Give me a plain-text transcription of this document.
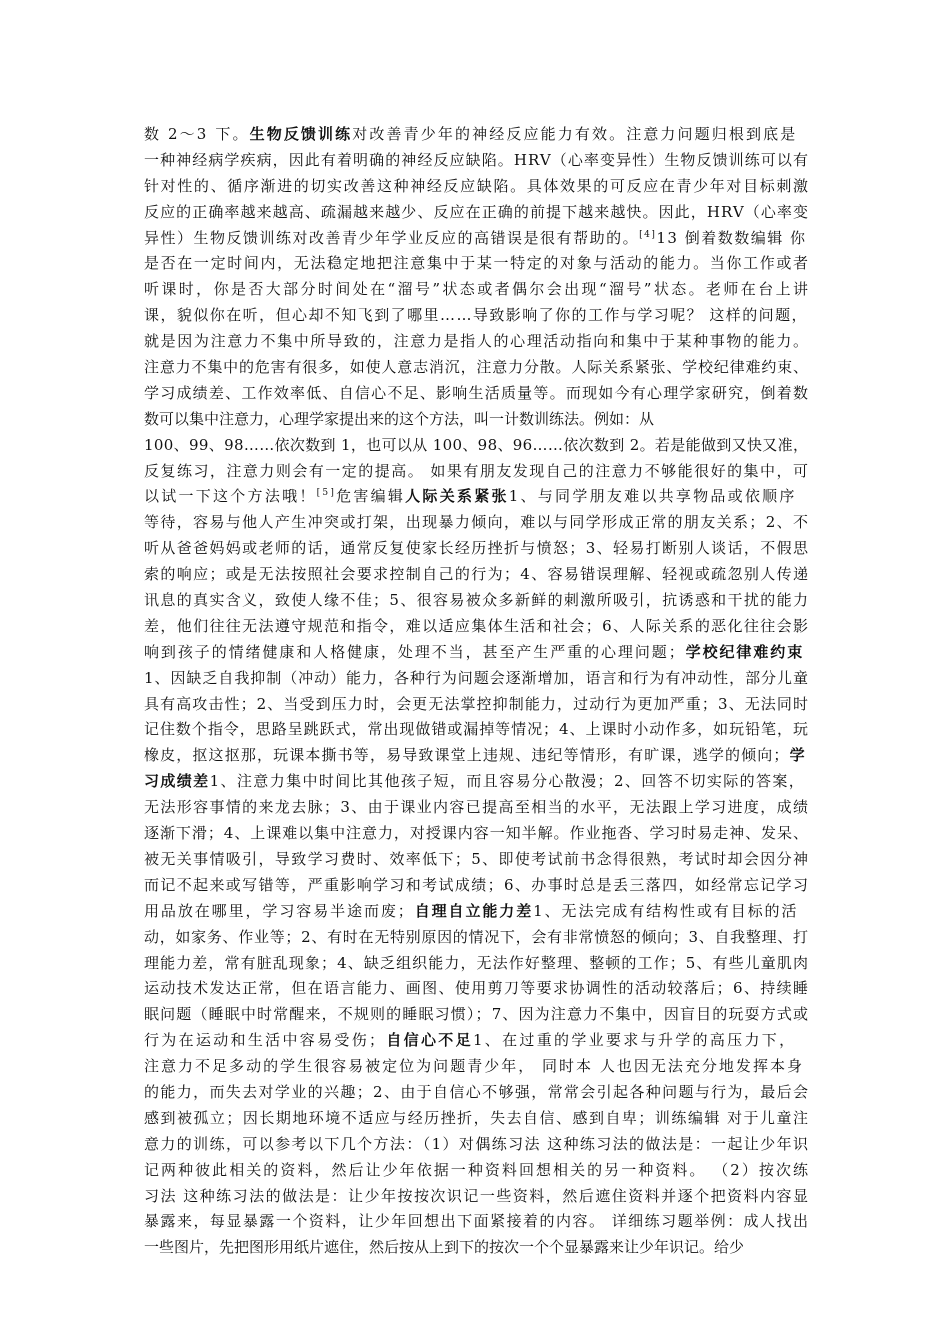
数 2～3 下。生物反馈训练对改善青少年的神经反应能力有效。注意力问题归根到底是
一种神经病学疾病，因此有着明确的神经反应缺陷。HRV（心率变异性）生物反馈训练可以有
针对性的、循序渐进的切实改善这种神经反应缺陷。具体效果的可反应在青少年对目标刺激
反应的正确率越来越高、疏漏越来越少、反应在正确的前提下越来越快。因此，HRV（心率变
异性）生物反馈训练对改善青少年学业反应的高错误是很有帮助的。[4]13 倒着数数编辑 你
是否在一定时间内，无法稳定地把注意集中于某一特定的对象与活动的能力。当你工作或者
听课时，你是否大部分时间处在“溜号”状态或者偶尔会出现“溜号”状态。老师在台上讲
课，貌似你在听，但心却不知飞到了哪里……导致影响了你的工作与学习呢？ 这样的问题，
就是因为注意力不集中所导致的，注意力是指人的心理活动指向和集中于某种事物的能力。
注意力不集中的危害有很多，如使人意志消沉，注意力分散。人际关系紧张、学校纪律难约束、
学习成绩差、工作效率低、自信心不足、影响生活质量等。而现如今有心理学家研究，倒着数
数可以集中注意力，心理学家提出来的这个方法，叫一计数训练法。例如：从
100、99、98……依次数到 1，也可以从 100、98、96……依次数到 2。若是能做到又快又准，
反复练习，注意力则会有一定的提高。 如果有朋友发现自己的注意力不够能很好的集中，可
以试一下这个方法哦！[5]危害编辑人际关系紧张1、与同学朋友难以共享物品或依顺序
等待，容易与他人产生冲突或打架，出现暴力倾向，难以与同学形成正常的朋友关系；2、不
听从爸爸妈妈或老师的话，通常反复使家长经历挫折与愤怒；3、轻易打断别人谈话，不假思
索的响应；或是无法按照社会要求控制自己的行为；4、容易错误理解、轻视或疏忽别人传递
讯息的真实含义，致使人缘不佳；5、很容易被众多新鲜的刺激所吸引，抗诱惑和干扰的能力
差，他们往往无法遵守规范和指令，难以适应集体生活和社会；6、人际关系的恶化往往会影
响到孩子的情绪健康和人格健康，处理不当，甚至产生严重的心理问题；学校纪律难约束
1、因缺乏自我抑制（冲动）能力，各种行为问题会逐渐增加，语言和行为有冲动性，部分儿童
具有高攻击性；2、当受到压力时，会更无法掌控抑制能力，过动行为更加严重；3、无法同时
记住数个指令，思路呈跳跃式，常出现做错或漏掉等情况；4、上课时小动作多，如玩铅笔，玩
橡皮，抠这抠那，玩课本撕书等，易导致课堂上违规、违纪等情形，有旷课，逃学的倾向；学
习成绩差1、注意力集中时间比其他孩子短，而且容易分心散漫；2、回答不切实际的答案，
无法形容事情的来龙去脉；3、由于课业内容已提高至相当的水平，无法跟上学习进度，成绩
逐渐下滑；4、上课难以集中注意力，对授课内容一知半解。作业拖沓、学习时易走神、发呆、
被无关事情吸引，导致学习费时、效率低下；5、即使考试前书念得很熟，考试时却会因分神
而记不起来或写错等，严重影响学习和考试成绩；6、办事时总是丢三落四，如经常忘记学习
用品放在哪里，学习容易半途而废；自理自立能力差1、无法完成有结构性或有目标的活
动，如家务、作业等；2、有时在无特别原因的情况下，会有非常愤怒的倾向；3、自我整理、打
理能力差，常有脏乱现象；4、缺乏组织能力，无法作好整理、整顿的工作；5、有些儿童肌肉
运动技术发达正常，但在语言能力、画图、使用剪刀等要求协调性的活动较落后；6、持续睡
眠问题（睡眠中时常醒来，不规则的睡眠习惯）；7、因为注意力不集中，因盲目的玩耍方式或
行为在运动和生活中容易受伤；自信心不足1、在过重的学业要求与升学的高压力下，
注意力不足多动的学生很容易被定位为问题青少年， 同时本 人也因无法充分地发挥本身
的能力，而失去对学业的兴趣；2、由于自信心不够强，常常会引起各种问题与行为，最后会
感到被孤立；因长期地环境不适应与经历挫折，失去自信、感到自卑；训练编辑 对于儿童注
意力的训练，可以参考以下几个方法：（1）对偶练习法 这种练习法的做法是：一起让少年识
记两种彼此相关的资料，然后让少年依据一种资料回想相关的另一种资料。 （2）按次练
习法 这种练习法的做法是：让少年按按次识记一些资料，然后遮住资料并逐个把资料内容显
暴露来，每显暴露一个资料，让少年回想出下面紧接着的内容。 详细练习题举例：成人找出
一些图片，先把图形用纸片遮住，然后按从上到下的按次一个个显暴露来让少年识记。给少
